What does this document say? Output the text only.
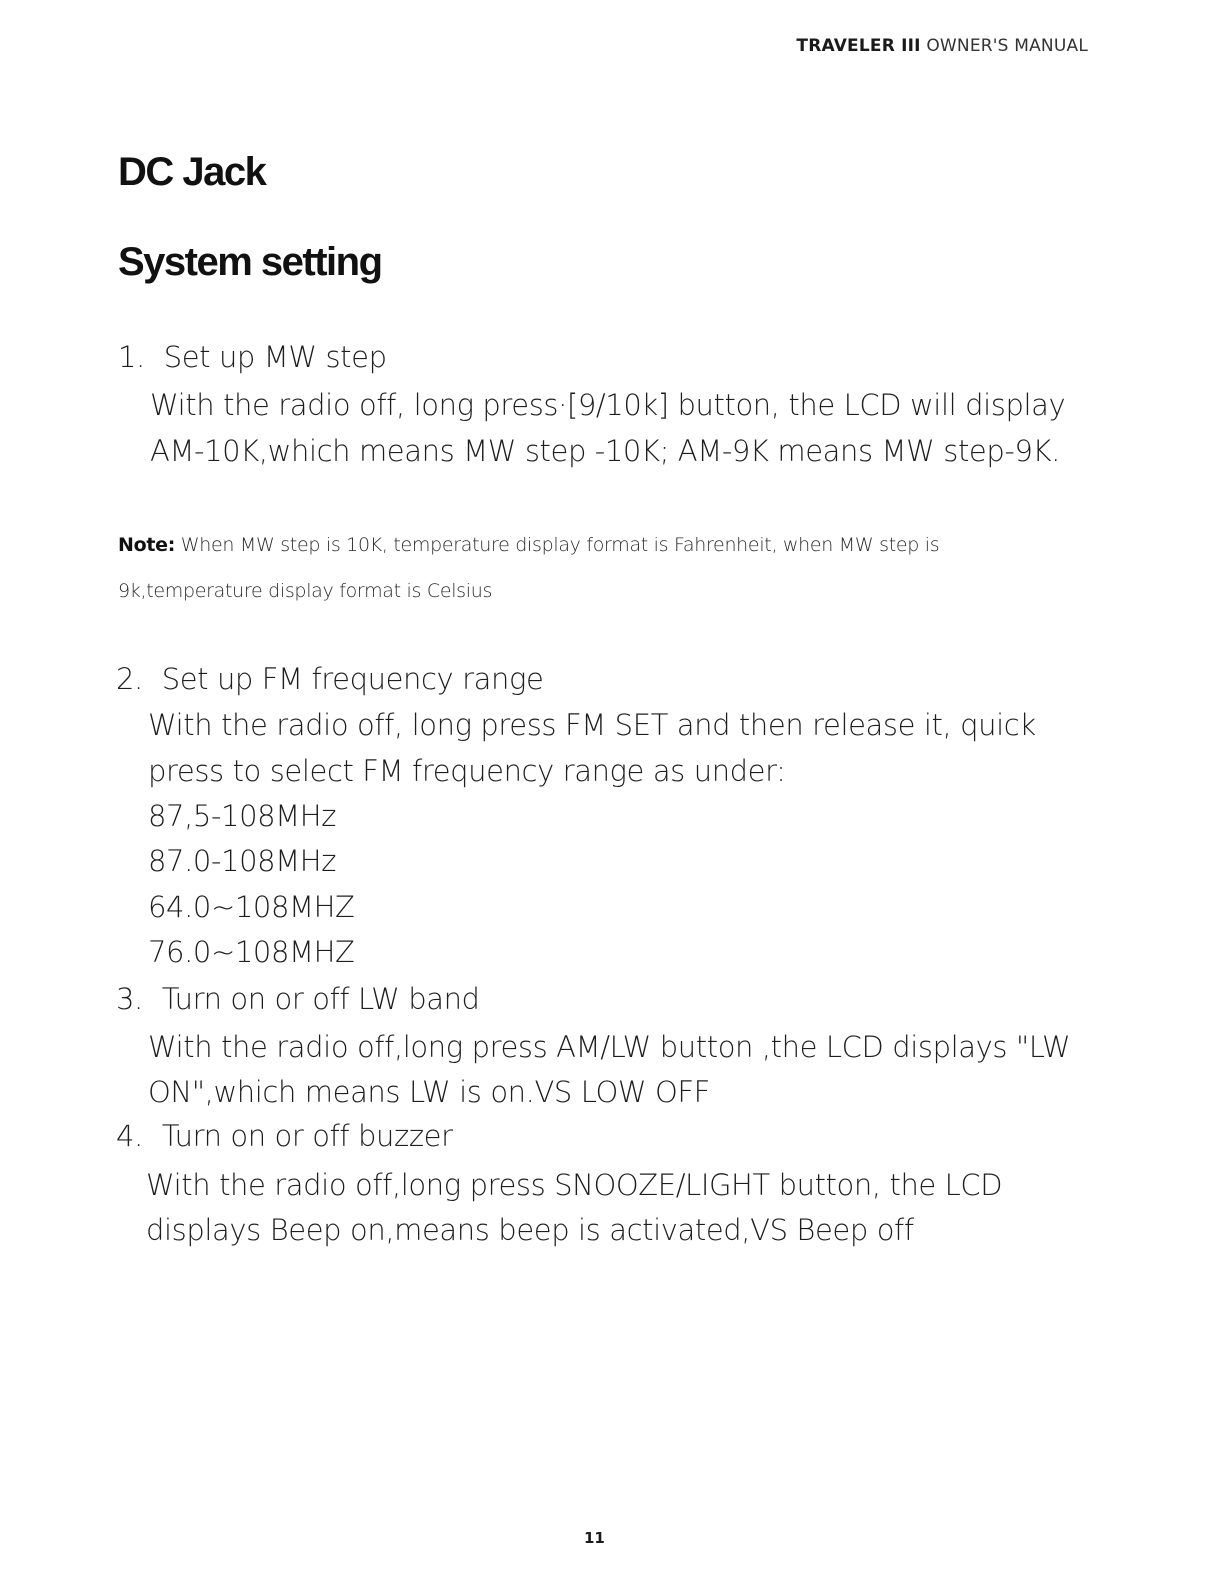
TRAVELER III OWNER'S MANUAL
DC Jack
System setting
1. Set up MW step
With the radio off, long press·[9/10k] button, the LCD will display
AM-10K,which means MW step -10K; AM-9K means MW step-9K.
Note: When MW step is 10K, temperature display format is Fahrenheit, when MW step is
9k,temperature display format is Celsius
2. Set up FM frequency range
With the radio off, long press FM SET and then release it, quick
press to select FM frequency range as under:
87,5-108MHz
87.0-108MHz
64.0~108MHZ
76.0~108MHZ
3. Turn on or off LW band
With the radio off,long press AM/LW button ,the LCD displays "LW
ON",which means LW is on.VS LOW OFF
4. Turn on or off buzzer
With the radio off,long press SNOOZE/LIGHT button, the LCD
displays Beep on,means beep is activated,VS Beep off
11
